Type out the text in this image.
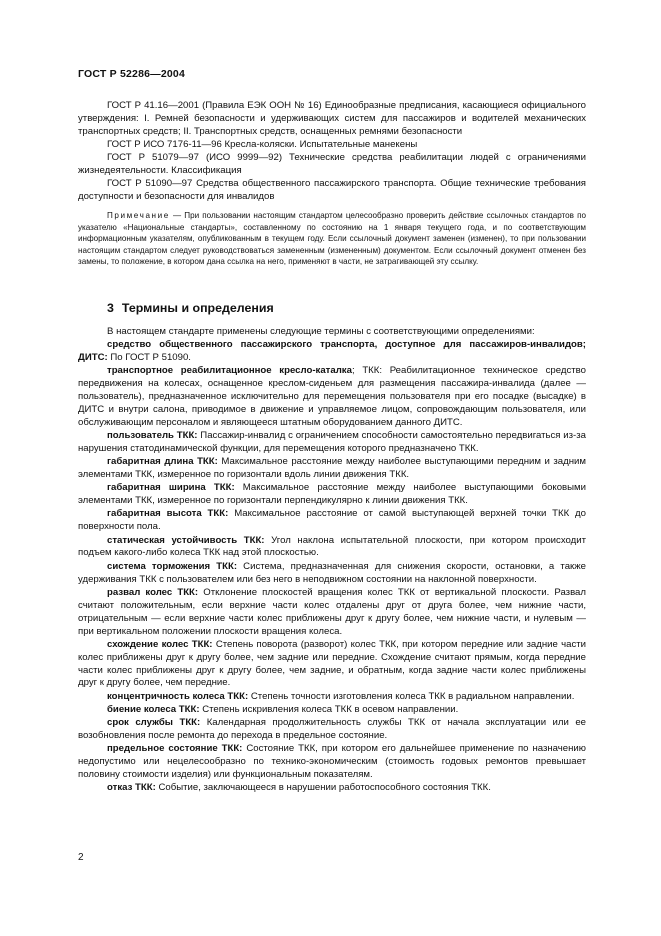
ГОСТ Р 52286—2004

ГОСТ Р 41.16—2001 (Правила ЕЭК ООН № 16) Единообразные предписания, касающиеся официального утверждения: I. Ремней безопасности и удерживающих систем для пассажиров и водителей механических транспортных средств; II. Транспортных средств, оснащенных ремнями безопасности

ГОСТ Р ИСО 7176-11—96 Кресла-коляски. Испытательные манекены

ГОСТ Р 51079—97 (ИСО 9999—92) Технические средства реабилитации людей с ограничениями жизнедеятельности. Классификация

ГОСТ Р 51090—97 Средства общественного пассажирского транспорта. Общие технические требования доступности и безопасности для инвалидов

Примечание — При пользовании настоящим стандартом целесообразно проверить действие ссылочных стандартов по указателю «Национальные стандарты», составленному по состоянию на 1 января текущего года, и по соответствующим информационным указателям, опубликованным в текущем году. Если ссылочный документ заменен (изменен), то при пользовании настоящим стандартом следует руководствоваться замененным (измененным) документом. Если ссылочный документ отменен без замены, то положение, в котором дана ссылка на него, применяют в части, не затрагивающей эту ссылку.

3 Термины и определения

В настоящем стандарте применены следующие термины с соответствующими определениями:

средство общественного пассажирского транспорта, доступное для пассажиров-инвалидов; ДИТС: По ГОСТ Р 51090.

транспортное реабилитационное кресло-каталка; ТКК: Реабилитационное техническое средство передвижения на колесах, оснащенное креслом-сиденьем для размещения пассажира-инвалида (далее — пользователь), предназначенное исключительно для перемещения пользователя при его посадке (высадке) в ДИТС и внутри салона, приводимое в движение и управляемое лицом, сопровождающим пользователя, или обслуживающим персоналом и являющееся штатным оборудованием данного ДИТС.

пользователь ТКК: Пассажир-инвалид с ограничением способности самостоятельно передвигаться из-за нарушения статодинамической функции, для перемещения которого предназначено ТКК.

габаритная длина ТКК: Максимальное расстояние между наиболее выступающими передним и задним элементами ТКК, измеренное по горизонтали вдоль линии движения ТКК.

габаритная ширина ТКК: Максимальное расстояние между наиболее выступающими боковыми элементами ТКК, измеренное по горизонтали перпендикулярно к линии движения ТКК.

габаритная высота ТКК: Максимальное расстояние от самой выступающей верхней точки ТКК до поверхности пола.

статическая устойчивость ТКК: Угол наклона испытательной плоскости, при котором происходит подъем какого-либо колеса ТКК над этой плоскостью.

система торможения ТКК: Система, предназначенная для снижения скорости, остановки, а также удерживания ТКК с пользователем или без него в неподвижном состоянии на наклонной поверхности.

развал колес ТКК: Отклонение плоскостей вращения колес ТКК от вертикальной плоскости. Развал считают положительным, если верхние части колес отдалены друг от друга более, чем нижние части, отрицательным — если верхние части колес приближены друг к другу более, чем нижние части, и нулевым — при вертикальном положении плоскости вращения колеса.

схождение колес ТКК: Степень поворота (разворот) колес ТКК, при котором передние или задние части колес приближены друг к другу более, чем задние или передние. Схождение считают прямым, когда передние части колес приближены друг к другу более, чем задние, и обратным, когда задние части колес приближены друг к другу более, чем передние.

концентричность колеса ТКК: Степень точности изготовления колеса ТКК в радиальном направлении.

биение колеса ТКК: Степень искривления колеса ТКК в осевом направлении.

срок службы ТКК: Календарная продолжительность службы ТКК от начала эксплуатации или ее возобновления после ремонта до перехода в предельное состояние.

предельное состояние ТКК: Состояние ТКК, при котором его дальнейшее применение по назначению недопустимо или нецелесообразно по технико-экономическим (стоимость годовых ремонтов превышает половину стоимости изделия) или функциональным показателям.

отказ ТКК: Событие, заключающееся в нарушении работоспособного состояния ТКК.

2
